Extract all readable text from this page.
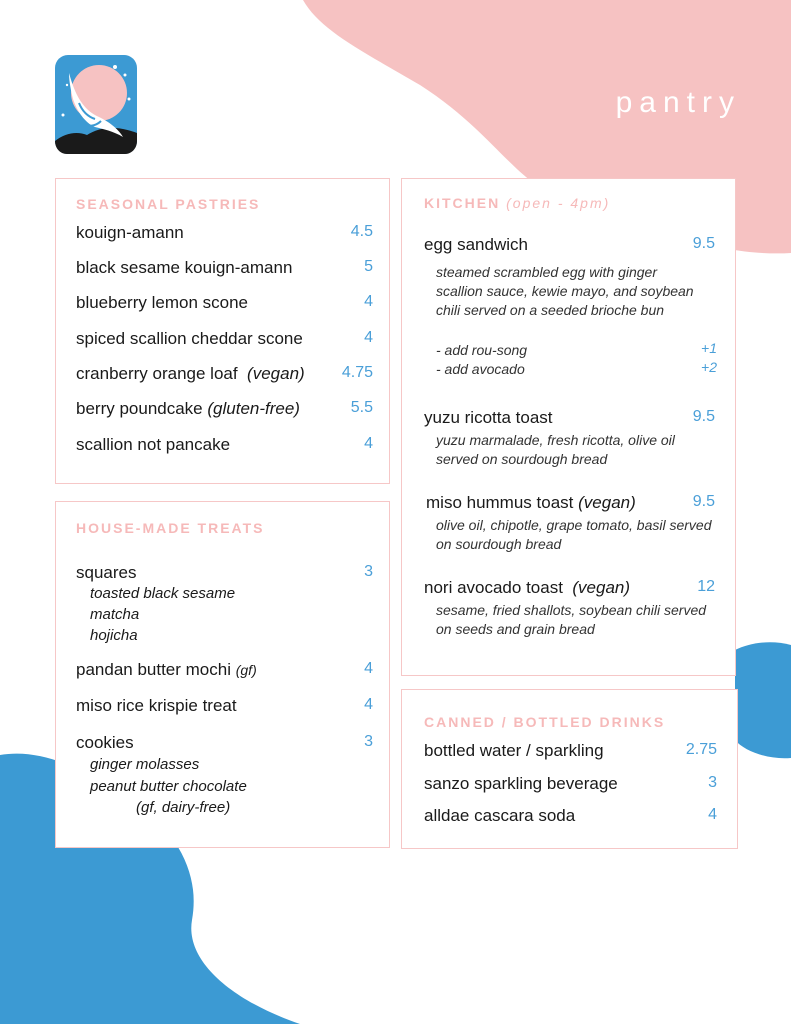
pantry
SEASONAL PASTRIES
kouign-amann	4.5
black sesame kouign-amann	5
blueberry lemon scone	4
spiced scallion cheddar scone	4
cranberry orange loaf (vegan) 4.75
berry poundcake (gluten-free)	5.5
scallion not pancake	4
HOUSE-MADE TREATS
squares	3
toasted black sesame
matcha
hojicha
pandan butter mochi (gf)	4
miso rice krispie treat	4
cookies	3
ginger molasses
peanut butter chocolate
(gf, dairy-free)
KITCHEN (open - 4pm)
egg sandwich	9.5
steamed scrambled egg with ginger scallion sauce, kewie mayo, and soybean chili served on a seeded brioche bun
- add rou-song	+1
- add avocado	+2
yuzu ricotta toast	9.5
yuzu marmalade, fresh ricotta, olive oil served on sourdough bread
miso hummus toast (vegan)	9.5
olive oil, chipotle, grape tomato, basil served on sourdough bread
nori avocado toast (vegan)	12
sesame, fried shallots, soybean chili served on seeds and grain bread
CANNED / BOTTLED DRINKS
bottled water / sparkling	2.75
sanzo sparkling beverage	3
alldae cascara soda	4
